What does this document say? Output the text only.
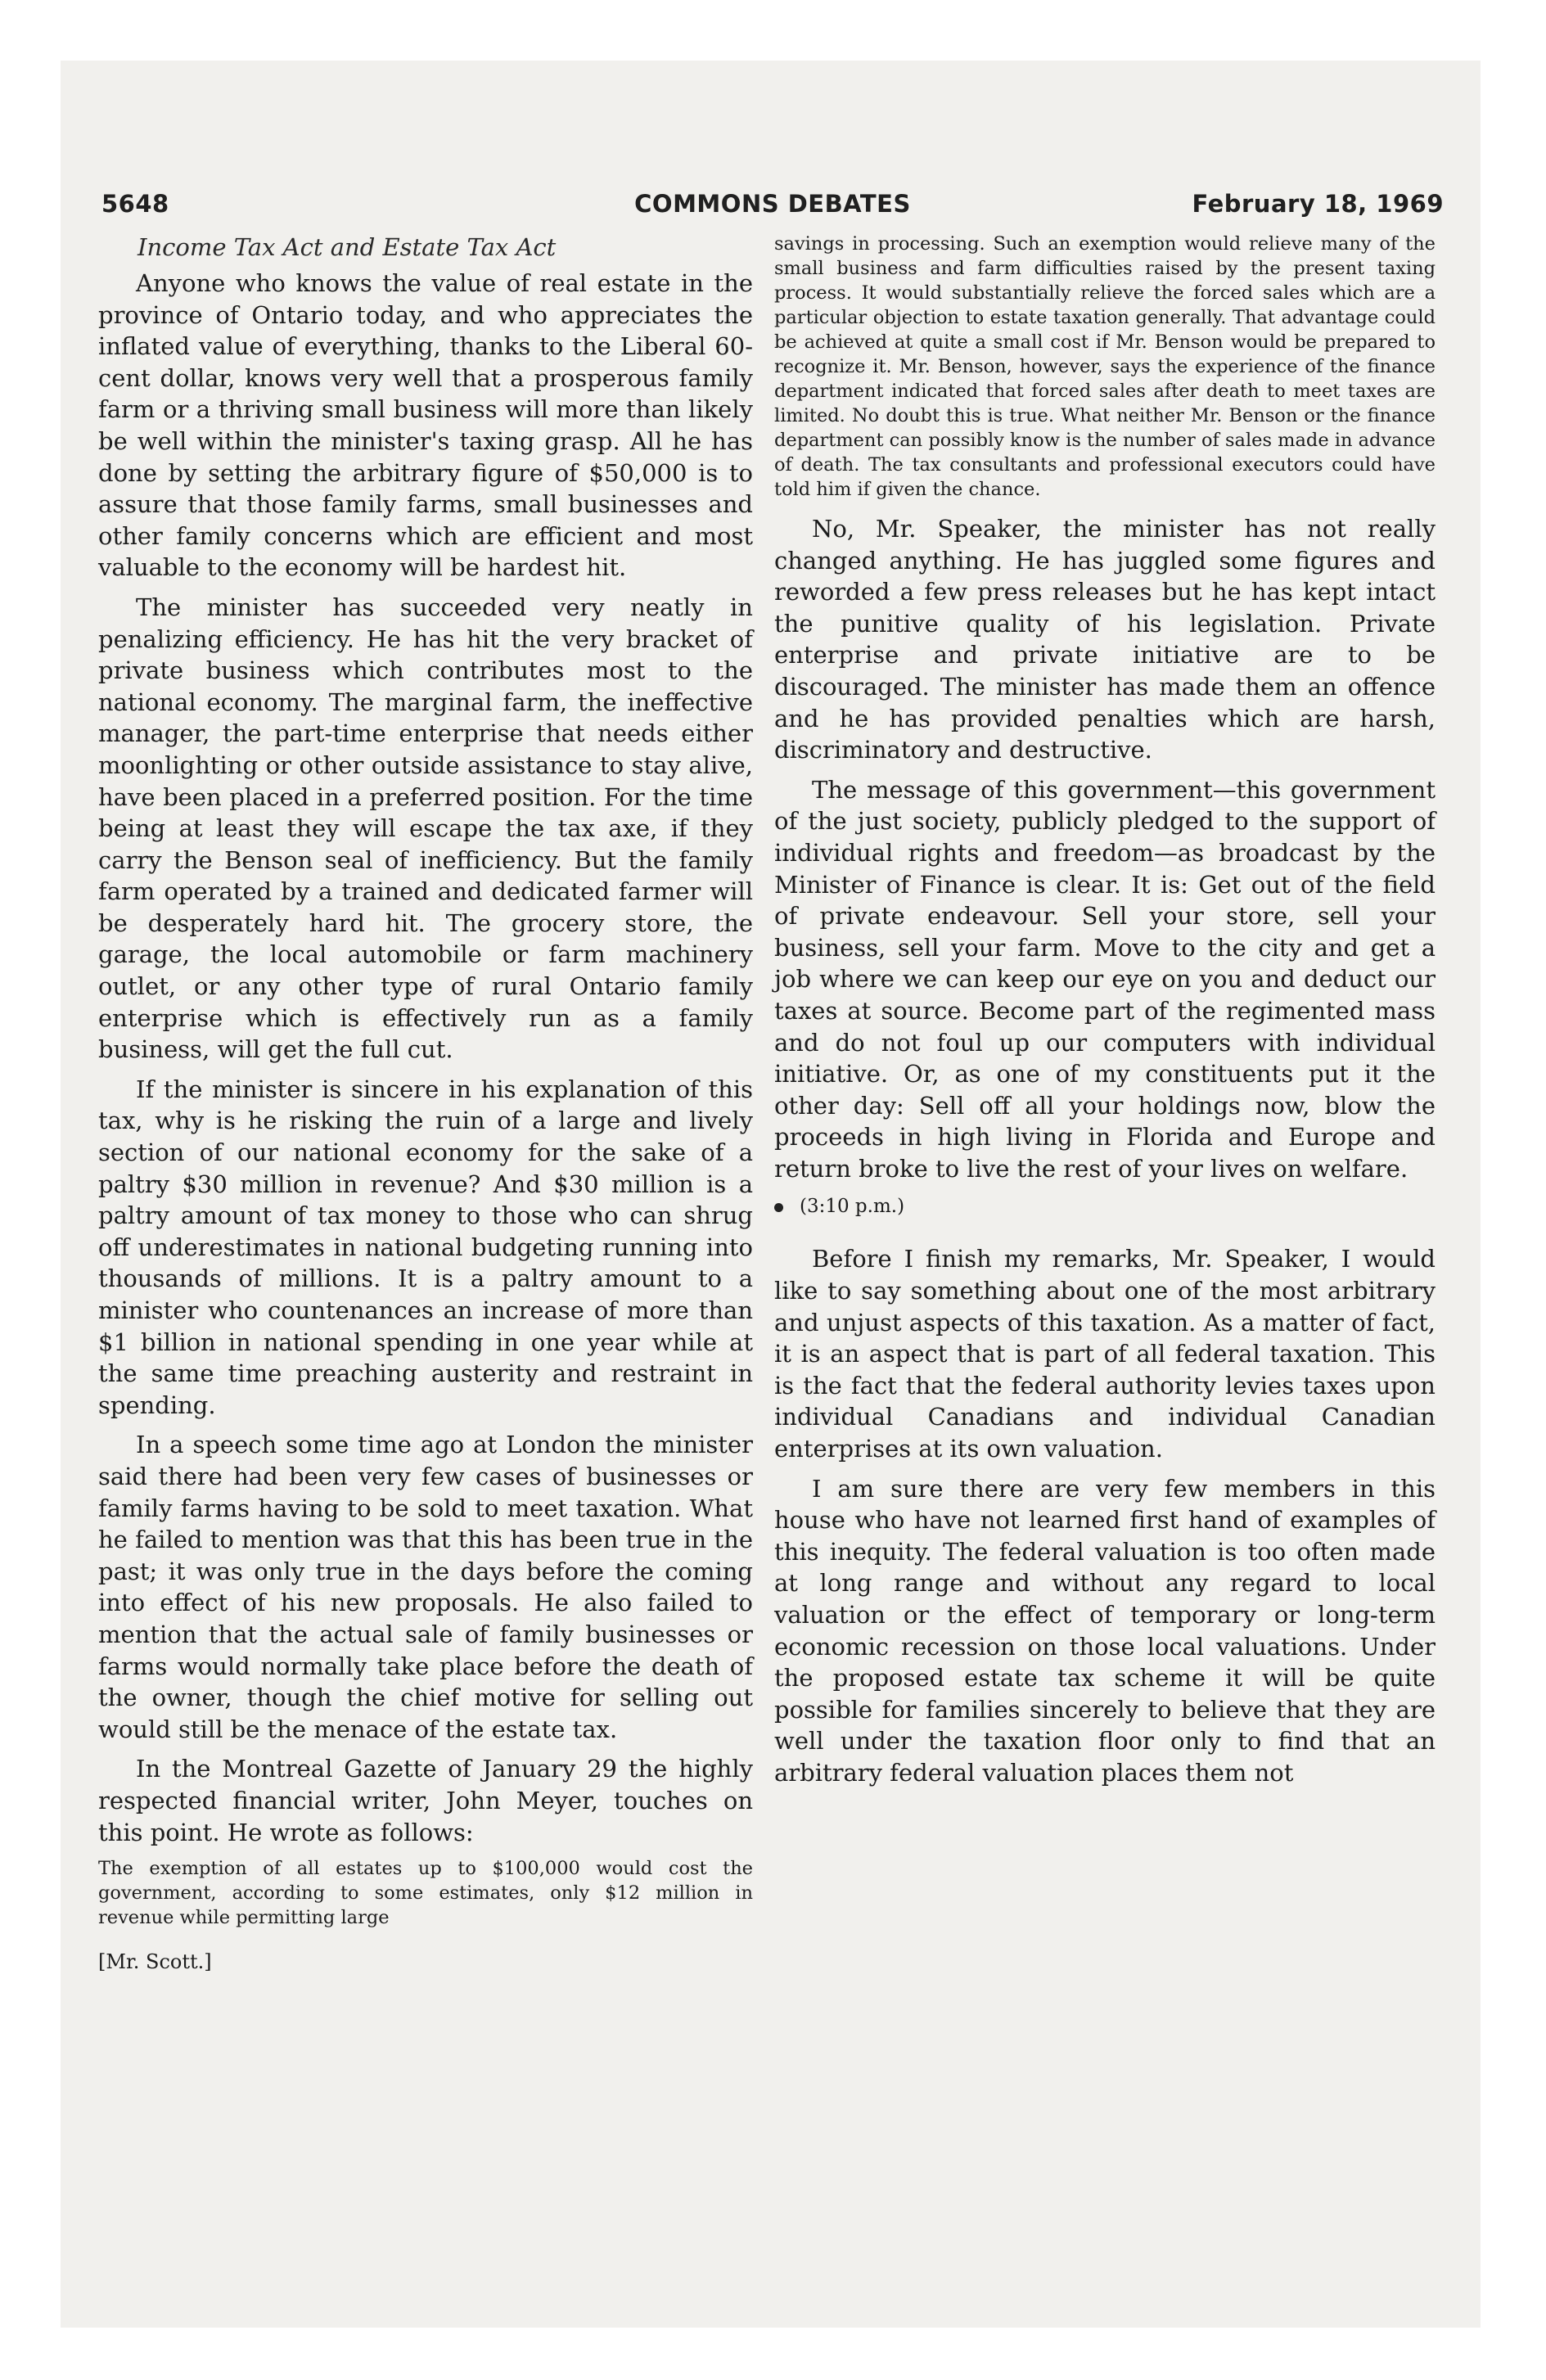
5648	COMMONS DEBATES	February 18, 1969
Income Tax Act and Estate Tax Act

Anyone who knows the value of real estate in the province of Ontario today, and who appreciates the inflated value of everything, thanks to the Liberal 60-cent dollar, knows very well that a prosperous family farm or a thriving small business will more than likely be well within the minister's taxing grasp. All he has done by setting the arbitrary figure of $50,000 is to assure that those family farms, small businesses and other family concerns which are efficient and most valuable to the economy will be hardest hit.

The minister has succeeded very neatly in penalizing efficiency. He has hit the very bracket of private business which contributes most to the national economy. The marginal farm, the ineffective manager, the part-time enterprise that needs either moonlighting or other outside assistance to stay alive, have been placed in a preferred position. For the time being at least they will escape the tax axe, if they carry the Benson seal of inefficiency. But the family farm operated by a trained and dedicated farmer will be desperately hard hit. The grocery store, the garage, the local automobile or farm machinery outlet, or any other type of rural Ontario family enterprise which is effectively run as a family business, will get the full cut.

If the minister is sincere in his explanation of this tax, why is he risking the ruin of a large and lively section of our national economy for the sake of a paltry $30 million in revenue? And $30 million is a paltry amount of tax money to those who can shrug off underestimates in national budgeting running into thousands of millions. It is a paltry amount to a minister who countenances an increase of more than $1 billion in national spending in one year while at the same time preaching austerity and restraint in spending.

In a speech some time ago at London the minister said there had been very few cases of businesses or family farms having to be sold to meet taxation. What he failed to mention was that this has been true in the past; it was only true in the days before the coming into effect of his new proposals. He also failed to mention that the actual sale of family businesses or farms would normally take place before the death of the owner, though the chief motive for selling out would still be the menace of the estate tax.

In the Montreal Gazette of January 29 the highly respected financial writer, John Meyer, touches on this point. He wrote as follows:

The exemption of all estates up to $100,000 would cost the government, according to some estimates, only $12 million in revenue while permitting large

[Mr. Scott.]

savings in processing. Such an exemption would relieve many of the small business and farm difficulties raised by the present taxing process. It would substantially relieve the forced sales which are a particular objection to estate taxation generally. That advantage could be achieved at quite a small cost if Mr. Benson would be prepared to recognize it. Mr. Benson, however, says the experience of the finance department indicated that forced sales after death to meet taxes are limited. No doubt this is true. What neither Mr. Benson or the finance department can possibly know is the number of sales made in advance of death. The tax consultants and professional executors could have told him if given the chance.

No, Mr. Speaker, the minister has not really changed anything. He has juggled some figures and reworded a few press releases but he has kept intact the punitive quality of his legislation. Private enterprise and private initiative are to be discouraged. The minister has made them an offence and he has provided penalties which are harsh, discriminatory and destructive.

The message of this government—this government of the just society, publicly pledged to the support of individual rights and freedom—as broadcast by the Minister of Finance is clear. It is: Get out of the field of private endeavour. Sell your store, sell your business, sell your farm. Move to the city and get a job where we can keep our eye on you and deduct our taxes at source. Become part of the regimented mass and do not foul up our computers with individual initiative. Or, as one of my constituents put it the other day: Sell off all your holdings now, blow the proceeds in high living in Florida and Europe and return broke to live the rest of your lives on welfare.

(3:10 p.m.)

Before I finish my remarks, Mr. Speaker, I would like to say something about one of the most arbitrary and unjust aspects of this taxation. As a matter of fact, it is an aspect that is part of all federal taxation. This is the fact that the federal authority levies taxes upon individual Canadians and individual Canadian enterprises at its own valuation.

I am sure there are very few members in this house who have not learned first hand of examples of this inequity. The federal valuation is too often made at long range and without any regard to local valuation or the effect of temporary or long-term economic recession on those local valuations. Under the proposed estate tax scheme it will be quite possible for families sincerely to believe that they are well under the taxation floor only to find that an arbitrary federal valuation places them not
